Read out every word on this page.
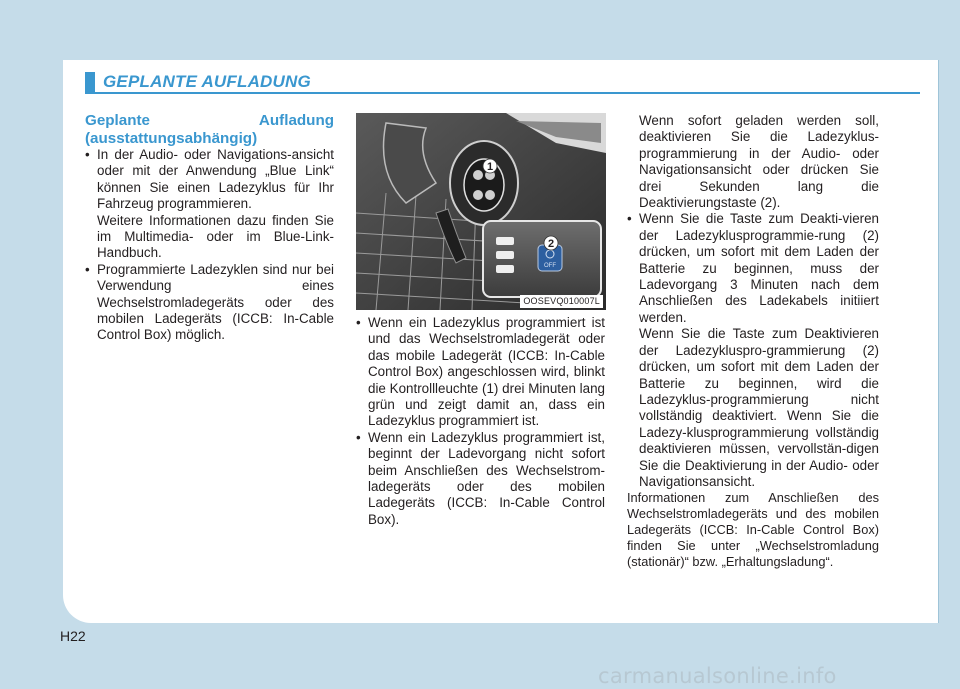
GEPLANTE AUFLADUNG

Geplante Aufladung (ausstattungsabhängig)

• In der Audio- oder Navigations-ansicht oder mit der Anwendung „Blue Link“ können Sie einen Ladezyklus für Ihr Fahrzeug programmieren.

Weitere Informationen dazu finden Sie im Multimedia- oder im Blue-Link- Handbuch.

• Programmierte Ladezyklen sind nur bei Verwendung eines Wechselstromladegeräts oder des mobilen Ladegeräts (ICCB: In-Cable Control Box) möglich.

1
OFF
2
OOSEVQ010007L

• Wenn ein Ladezyklus programmiert ist und das Wechselstromladegerät oder das mobile Ladegerät (ICCB: In-Cable Control Box) angeschlossen wird, blinkt die Kontrollleuchte (1) drei Minuten lang grün und zeigt damit an, dass ein Ladezyklus programmiert ist.

• Wenn ein Ladezyklus programmiert ist, beginnt der Ladevorgang nicht sofort beim Anschließen des Wechselstrom-ladegeräts oder des mobilen Ladegeräts (ICCB: In-Cable Control Box).

Wenn sofort geladen werden soll, deaktivieren Sie die Ladezyklus-programmierung in der Audio- oder Navigationsansicht oder drücken Sie drei Sekunden lang die Deaktivierungstaste (2).

• Wenn Sie die Taste zum Deakti-vieren der Ladezyklusprogrammie-rung (2) drücken, um sofort mit dem Laden der Batterie zu beginnen, muss der Ladevorgang 3 Minuten nach dem Anschließen des Ladekabels initiiert werden.

Wenn Sie die Taste zum Deaktivieren der Ladezykluspro-grammierung (2) drücken, um sofort mit dem Laden der Batterie zu beginnen, wird die Ladezyklus-programmierung nicht vollständig deaktiviert. Wenn Sie die Ladezy-klusprogrammierung vollständig deaktivieren müssen, vervollstän-digen Sie die Deaktivierung in der Audio- oder Navigationsansicht.

Informationen zum Anschließen des Wechselstromladegeräts und des mobilen Ladegeräts (ICCB: In-Cable Control Box) finden Sie unter „Wechselstromladung (stationär)“ bzw. „Erhaltungsladung“.

H22
carmanualsonline.info
